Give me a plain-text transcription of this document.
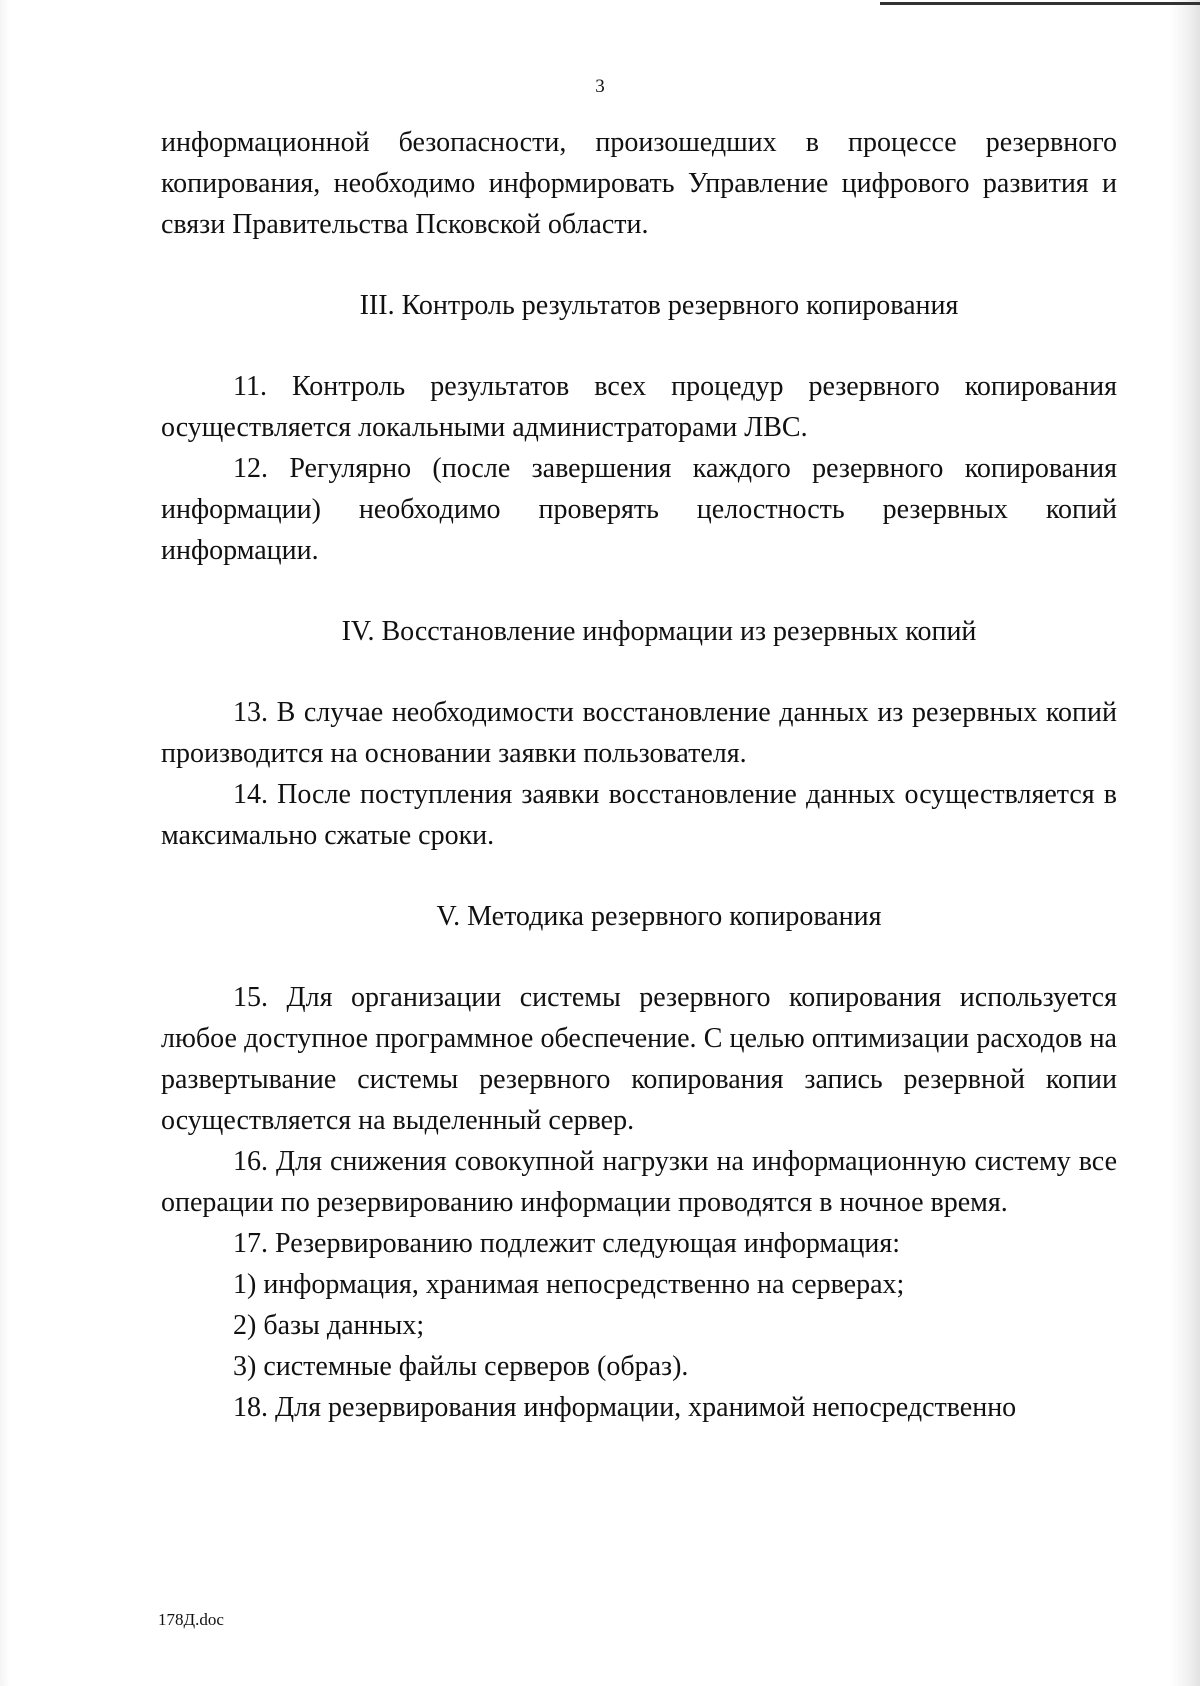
3

информационной безопасности, произошедших в процессе резервного копирования, необходимо информировать Управление цифрового развития и связи Правительства Псковской области.

III. Контроль результатов резервного копирования

11. Контроль результатов всех процедур резервного копирования осуществляется локальными администраторами ЛВС.

12. Регулярно (после завершения каждого резервного копирования информации) необходимо проверять целостность резервных копий информации.

IV. Восстановление информации из резервных копий

13. В случае необходимости восстановление данных из резервных копий производится на основании заявки пользователя.

14. После поступления заявки восстановление данных осуществляется в максимально сжатые сроки.

V. Методика резервного копирования

15. Для организации системы резервного копирования используется любое доступное программное обеспечение. С целью оптимизации расходов на развертывание системы резервного копирования запись резервной копии осуществляется на выделенный сервер.

16. Для снижения совокупной нагрузки на информационную систему все операции по резервированию информации проводятся в ночное время.

17. Резервированию подлежит следующая информация:

1) информация, хранимая непосредственно на серверах;

2) базы данных;

3) системные файлы серверов (образ).

18. Для резервирования информации, хранимой непосредственно

178Д.doc
